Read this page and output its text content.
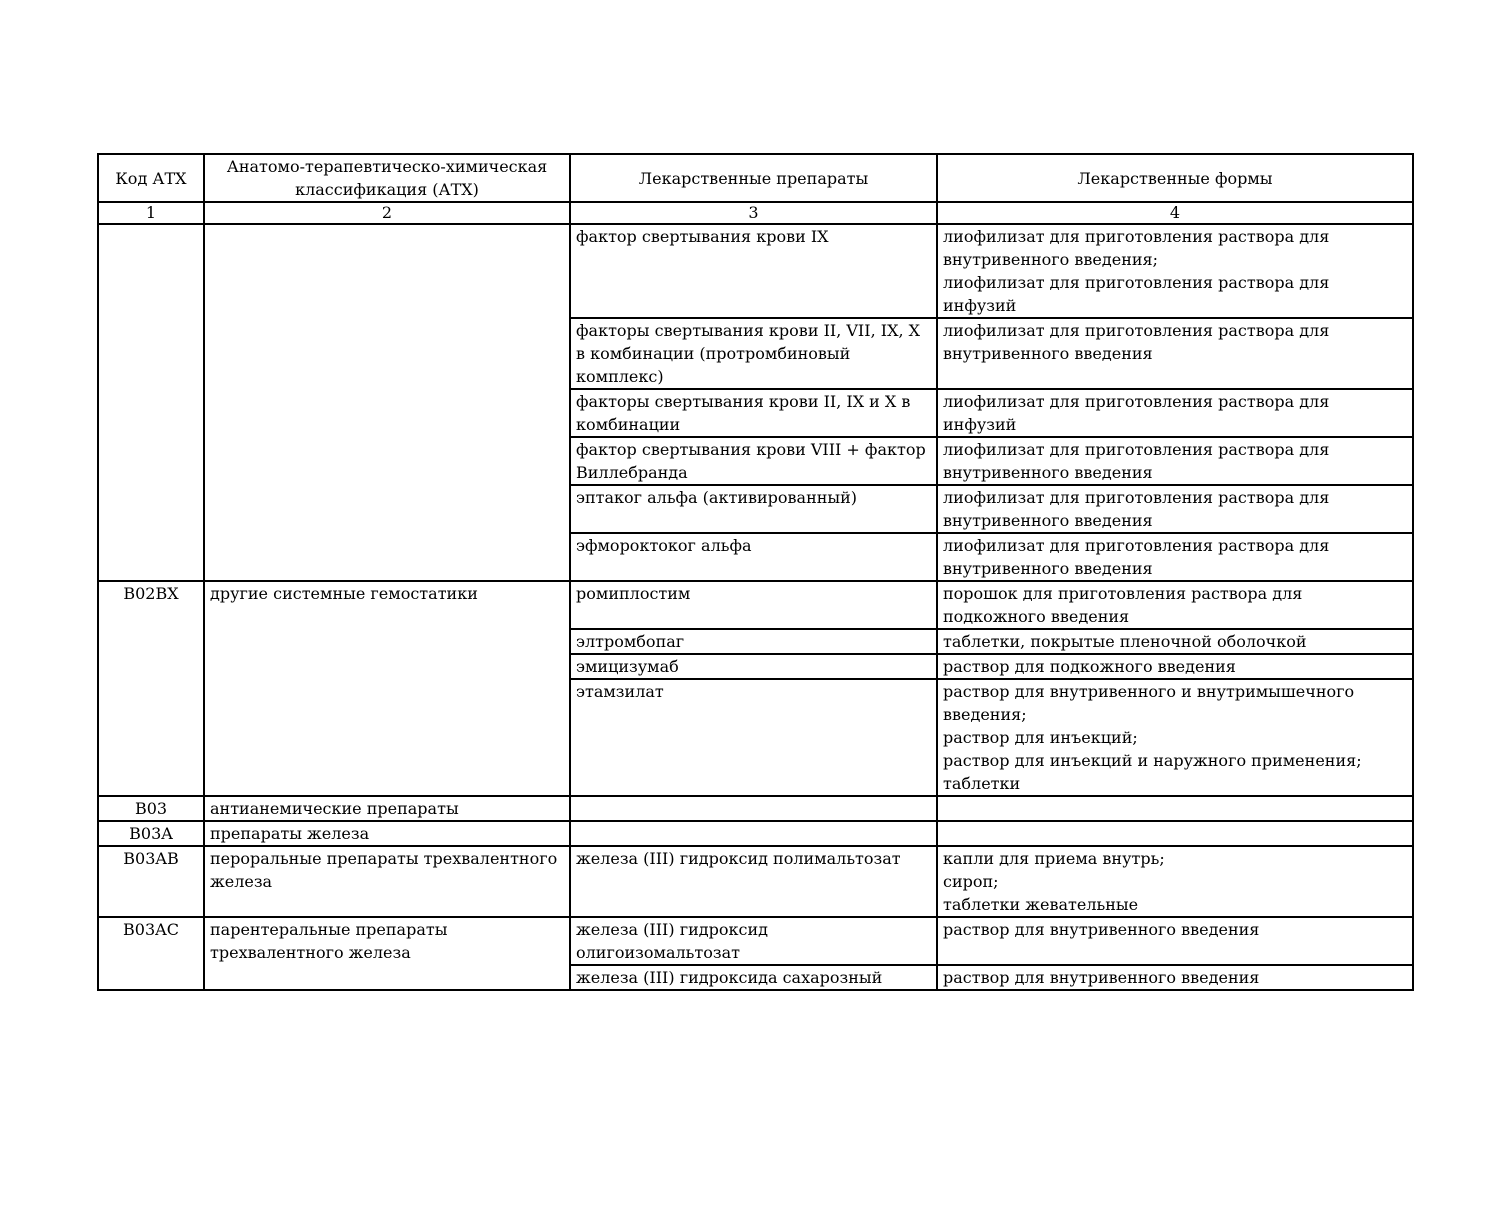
Код АТХ	Анатомо-терапевтическо-химическая классификация (АТХ)	Лекарственные препараты	Лекарственные формы
1	2	3	4
		фактор свертывания крови IX	лиофилизат для приготовления раствора для внутривенного введения;
лиофилизат для приготовления раствора для инфузий

		факторы свертывания крови II, VII, IX, X в комбинации (протромбиновый комплекс)	лиофилизат для приготовления раствора для внутривенного введения

		факторы свертывания крови II, IX и X в комбинации	лиофилизат для приготовления раствора для инфузий

		фактор свертывания крови VIII + фактор Виллебранда	лиофилизат для приготовления раствора для внутривенного введения

		эптаког альфа (активированный)	лиофилизат для приготовления раствора для внутривенного введения

		эфмороктоког альфа	лиофилизат для приготовления раствора для внутривенного введения

B02BX	другие системные гемостатики	ромиплостим	порошок для приготовления раствора для подкожного введения

		элтромбопаг	таблетки, покрытые пленочной оболочкой

		эмицизумаб	раствор для подкожного введения

		этамзилат	раствор для внутривенного и внутримышечного введения;
раствор для инъекций;
раствор для инъекций и наружного применения;
таблетки

B03	антианемические препараты		

B03A	препараты железа		

B03AB	пероральные препараты трехвалентного железа	железа (III) гидроксид полимальтозат	капли для приема внутрь;
сироп;
таблетки жевательные

B03AC	парентеральные препараты трехвалентного железа	железа (III) гидроксид олигоизомальтозат	раствор для внутривенного введения

		железа (III) гидроксида сахарозный	раствор для внутривенного введения
